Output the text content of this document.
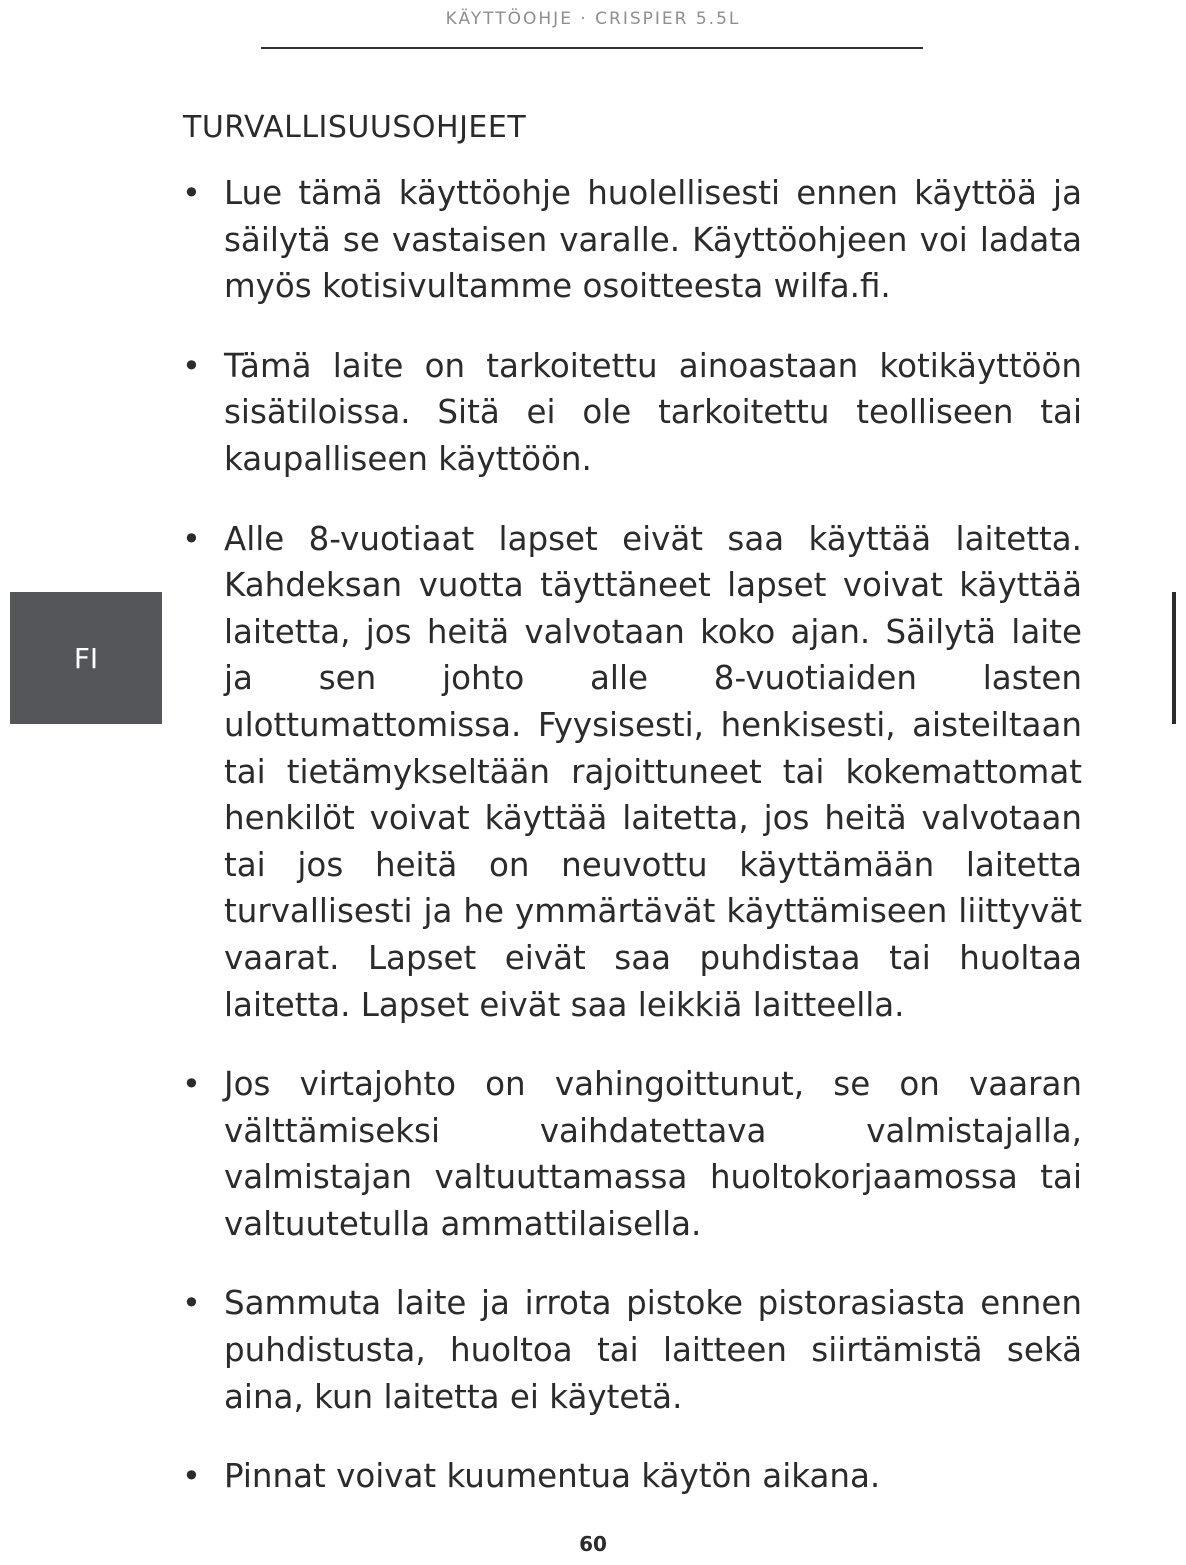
KÄYTTÖOHJE · CRISPIER 5.5L
TURVALLISUUSOHJEET
• Lue tämä käyttöohje huolellisesti ennen käyttöä ja säilytä se vastaisen varalle. Käyttöohjeen voi ladata myös kotisivultamme osoitteesta wilfa.fi.
• Tämä laite on tarkoitettu ainoastaan kotikäyttöön sisätiloissa. Sitä ei ole tarkoitettu teolliseen tai kaupalliseen käyttöön.
• Alle 8-vuotiaat lapset eivät saa käyttää laitetta. Kahdeksan vuotta täyttäneet lapset voivat käyttää laitetta, jos heitä valvotaan koko ajan. Säilytä laite ja sen johto alle 8-vuotiaiden lasten ulottumattomissa. Fyysisesti, henkisesti, aisteiltaan tai tietämykseltään rajoittuneet tai kokemattomat henkilöt voivat käyttää laitetta, jos heitä valvotaan tai jos heitä on neuvottu käyttämään laitetta turvallisesti ja he ymmärtävät käyttämiseen liittyvät vaarat. Lapset eivät saa puhdistaa tai huoltaa laitetta. Lapset eivät saa leikkiä laitteella.
• Jos virtajohto on vahingoittunut, se on vaaran välttämiseksi vaihdatettava valmistajalla, valmistajan valtuuttamassa huoltokorjaamossa tai valtuutetulla ammattilaisella.
• Sammuta laite ja irrota pistoke pistorasiasta ennen puhdistusta, huoltoa tai laitteen siirtämistä sekä aina, kun laitetta ei käytetä.
• Pinnat voivat kuumentua käytön aikana.
FI
60
